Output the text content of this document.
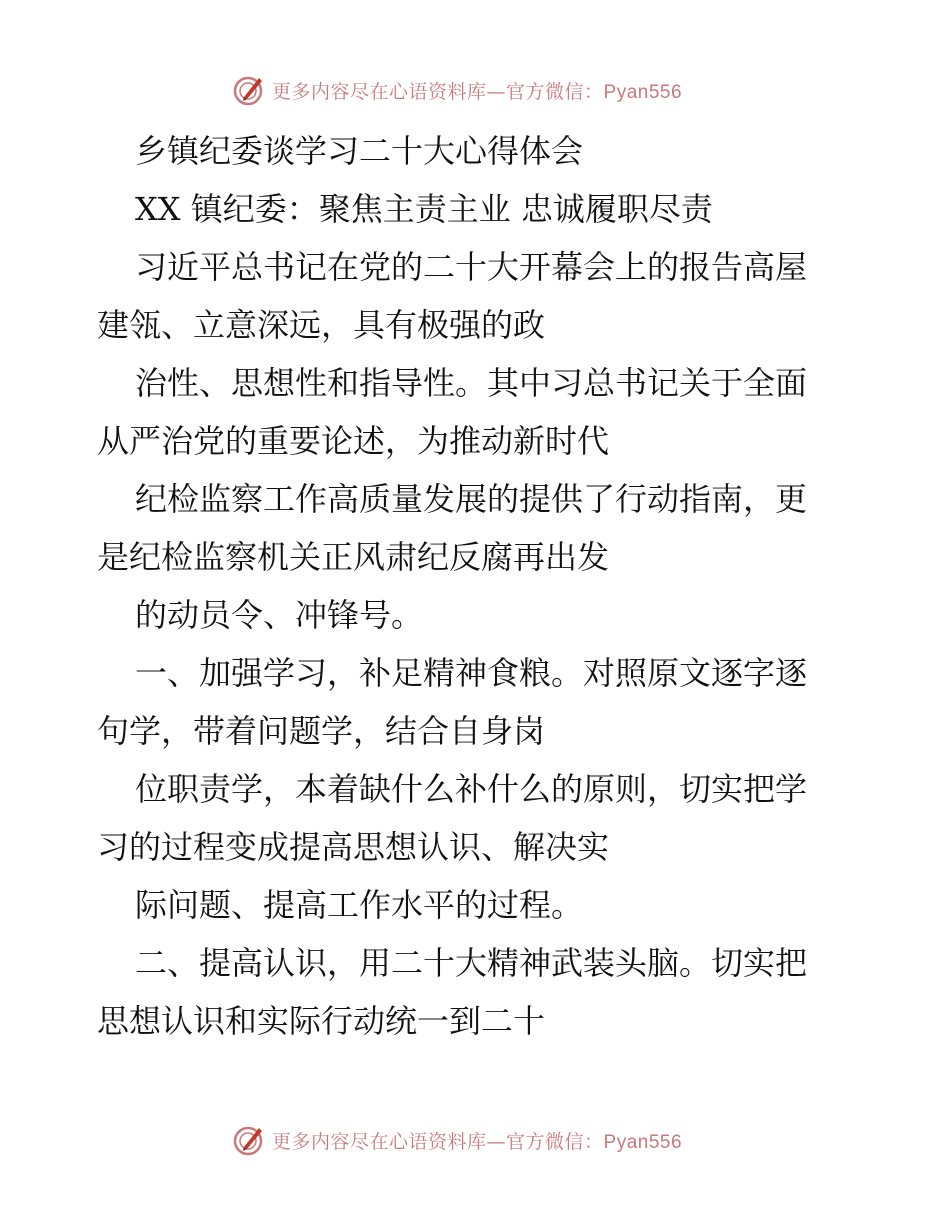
更多内容尽在心语资料库—官方微信：Pyan556
乡镇纪委谈学习二十大心得体会
XX 镇纪委：聚焦主责主业 忠诚履职尽责
习近平总书记在党的二十大开幕会上的报告高屋
建瓴、立意深远，具有极强的政
治性、思想性和指导性。其中习总书记关于全面
从严治党的重要论述，为推动新时代
纪检监察工作高质量发展的提供了行动指南，更
是纪检监察机关正风肃纪反腐再出发
的动员令、冲锋号。
一、加强学习，补足精神食粮。对照原文逐字逐
句学，带着问题学，结合自身岗
位职责学，本着缺什么补什么的原则，切实把学
习的过程变成提高思想认识、解决实
际问题、提高工作水平的过程。
二、提高认识，用二十大精神武装头脑。切实把
思想认识和实际行动统一到二十
更多内容尽在心语资料库—官方微信：Pyan556
